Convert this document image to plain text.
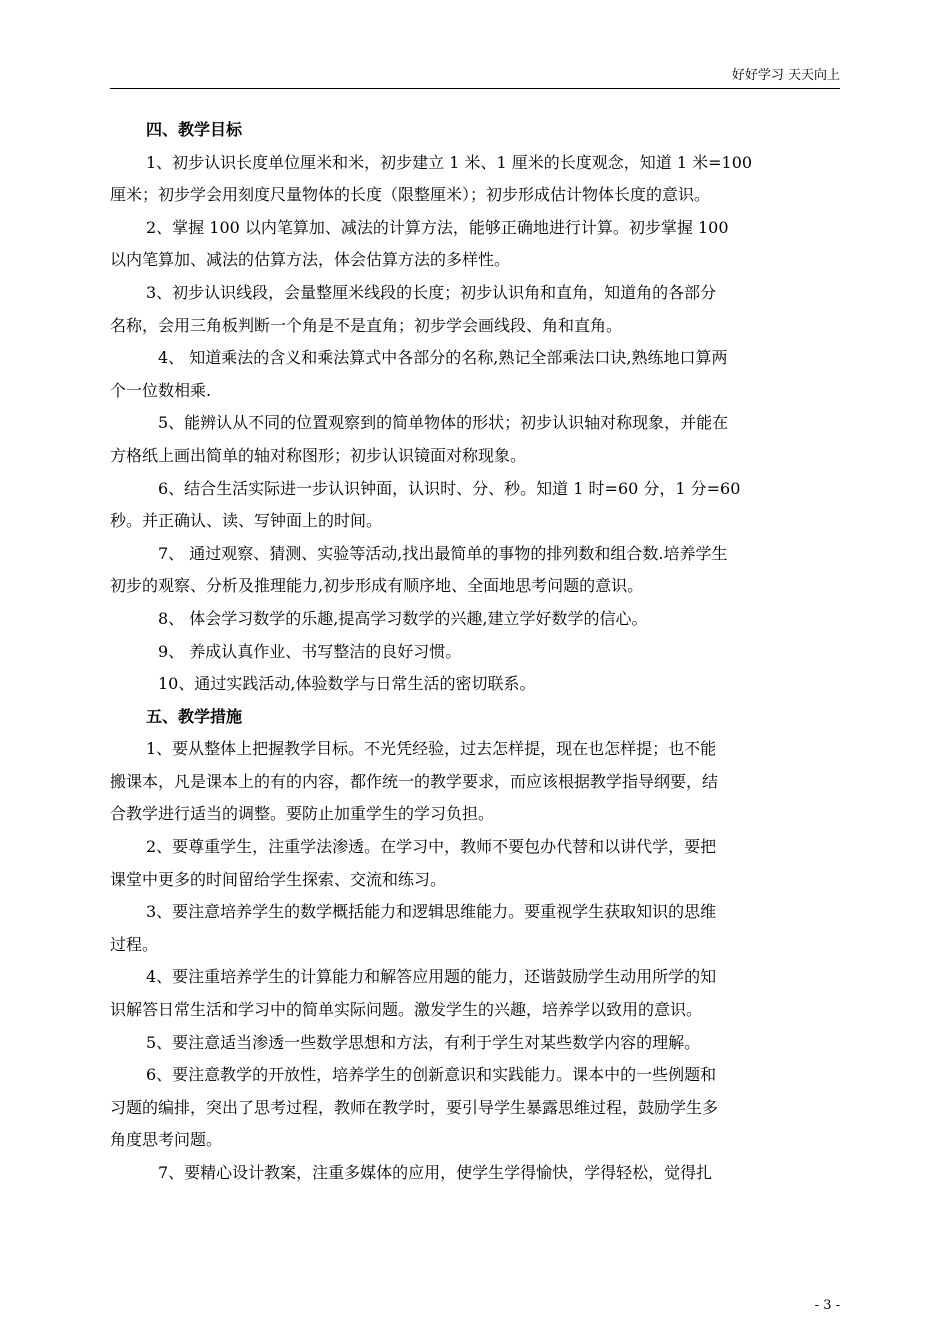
好好学习 天天向上
四、教学目标
1、初步认识长度单位厘米和米，初步建立 1 米、1 厘米的长度观念，知道 1 米=100
厘米；初步学会用刻度尺量物体的长度（限整厘米）；初步形成估计物体长度的意识。
2、掌握 100 以内笔算加、减法的计算方法，能够正确地进行计算。初步掌握 100
以内笔算加、减法的估算方法，体会估算方法的多样性。
3、初步认识线段，会量整厘米线段的长度；初步认识角和直角，知道角的各部分
名称，会用三角板判断一个角是不是直角；初步学会画线段、角和直角。
4、 知道乘法的含义和乘法算式中各部分的名称,熟记全部乘法口诀,熟练地口算两
个一位数相乘.
5、能辨认从不同的位置观察到的简单物体的形状；初步认识轴对称现象，并能在
方格纸上画出简单的轴对称图形；初步认识镜面对称现象。
6、结合生活实际进一步认识钟面，认识时、分、秒。知道 1 时=60 分，1 分=60
秒。并正确认、读、写钟面上的时间。
7、 通过观察、猜测、实验等活动,找出最简单的事物的排列数和组合数.培养学生
初步的观察、分析及推理能力,初步形成有顺序地、全面地思考问题的意识。
8、 体会学习数学的乐趣,提高学习数学的兴趣,建立学好数学的信心。
9、 养成认真作业、书写整洁的良好习惯。
10、通过实践活动,体验数学与日常生活的密切联系。
五、教学措施
1、要从整体上把握教学目标。不光凭经验，过去怎样提，现在也怎样提；也不能
搬课本，凡是课本上的有的内容，都作统一的教学要求，而应该根据教学指导纲要，结
合教学进行适当的调整。要防止加重学生的学习负担。
2、要尊重学生，注重学法渗透。在学习中，教师不要包办代替和以讲代学，要把
课堂中更多的时间留给学生探索、交流和练习。
3、要注意培养学生的数学概括能力和逻辑思维能力。要重视学生获取知识的思维
过程。
4、要注重培养学生的计算能力和解答应用题的能力，还谐鼓励学生动用所学的知
识解答日常生活和学习中的简单实际问题。激发学生的兴趣，培养学以致用的意识。
5、要注意适当渗透一些数学思想和方法，有利于学生对某些数学内容的理解。
6、要注意教学的开放性，培养学生的创新意识和实践能力。课本中的一些例题和
习题的编排，突出了思考过程，教师在教学时，要引导学生暴露思维过程，鼓励学生多
角度思考问题。
7、要精心设计教案，注重多媒体的应用，使学生学得愉快，学得轻松，觉得扎
- 3 -
